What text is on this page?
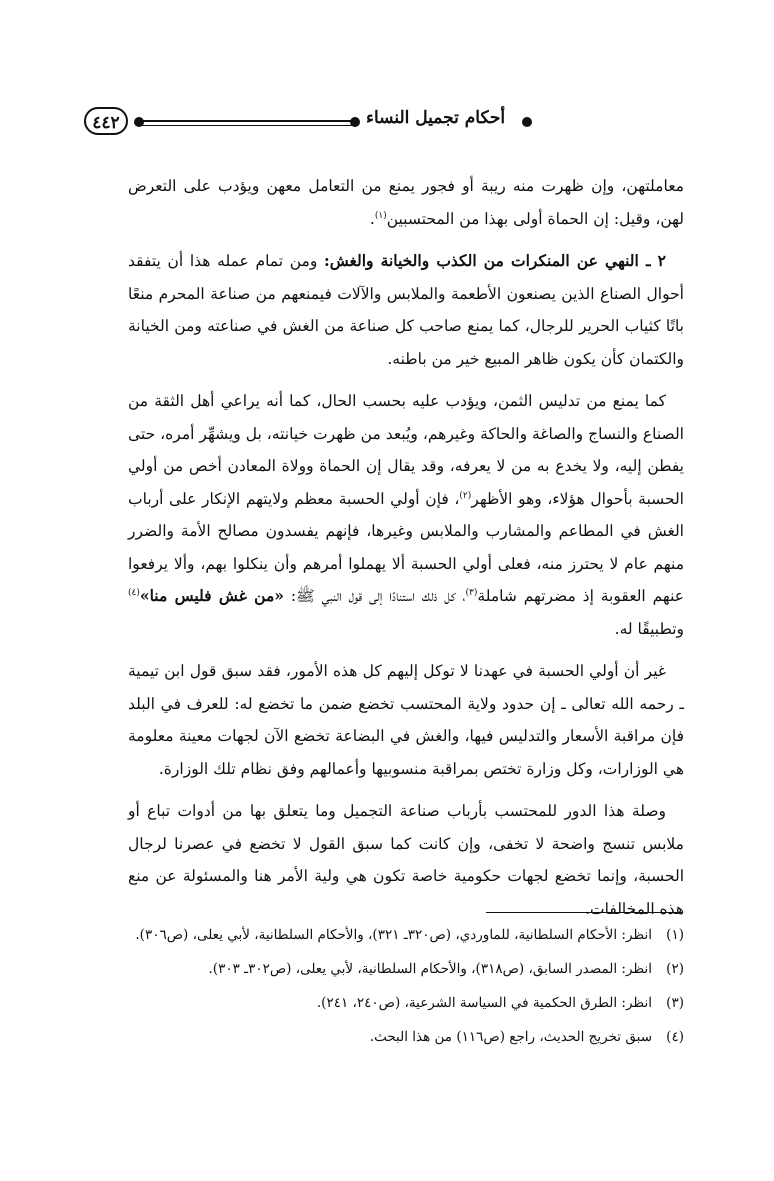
٤٤٢	أحكام تجميل النساء

معاملتهن، وإن ظهرت منه ريبة أو فجور يمنع من التعامل معهن ويؤدب على التعرض لهن، وقيل: إن الحماة أولى بهذا من المحتسبين$^{(١)}$.

٢ ـ النهي عن المنكرات من الكذب والخيانة والغش: ومن تمام عمله هذا أن يتفقد أحوال الصناع الذين يصنعون الأطعمة والملابس والآلات فيمنعهم من صناعة المحرم منعًا باتًا كثياب الحرير للرجال، كما يمنع صاحب كل صناعة من الغش في صناعته ومن الخيانة والكتمان كأن يكون ظاهر المبيع خير من باطنه.

كما يمنع من تدليس الثمن، ويؤدب عليه بحسب الحال، كما أنه يراعي أهل الثقة من الصناع والنساج والصاغة والحاكة وغيرهم، ويُبعد من ظهرت خيانته، بل ويشهِّر أمره، حتى يفطن إليه، ولا يخدع به من لا يعرفه، وقد يقال إن الحماة وولاة المعادن أخص من أولي الحسبة بأحوال هؤلاء، وهو الأظهر$^{(٢)}$، فإن أولي الحسبة معظم ولايتهم الإنكار على أرباب الغش في المطاعم والمشارب والملابس وغيرها، فإنهم يفسدون مصالح الأمة والضرر منهم عام لا يحترز منه، فعلى أولي الحسبة ألا يهملوا أمرهم وأن ينكلوا بهم، وألا يرفعوا عنهم العقوبة إذ مضرتهم شاملة$^{(٣)}$، كل ذلك استنادًا إلى قول النبي ﷺ: «من غش فليس منا»$^{(٤)}$ وتطبيقًا له.

غير أن أولي الحسبة في عهدنا لا توكل إليهم كل هذه الأمور، فقد سبق قول ابن تيمية ـ رحمه الله تعالى ـ إن حدود ولاية المحتسب تخضع ضمن ما تخضع له: للعرف في البلد فإن مراقبة الأسعار والتدليس فيها، والغش في البضاعة تخضع الآن لجهات معينة معلومة هي الوزارات، وكل وزارة تختص بمراقبة منسوبيها وأعمالهم وفق نظام تلك الوزارة.

وصلة هذا الدور للمحتسب بأرباب صناعة التجميل وما يتعلق بها من أدوات تباع أو ملابس تنسج واضحة لا تخفى، وإن كانت كما سبق القول لا تخضع في عصرنا لرجال الحسبة، وإنما تخضع لجهات حكومية خاصة تكون هي ولية الأمر هنا والمسئولة عن منع هذه المخالفات.

(١)
انظر: الأحكام السلطانية، للماوردي، (ص٣٢٠ـ ٣٢١)، والأحكام السلطانية، لأبي يعلى، (ص٣٠٦).
(٢)
انظر: المصدر السابق، (ص٣١٨)، والأحكام السلطانية، لأبي يعلى، (ص٣٠٢ـ ٣٠٣).
(٣)
انظر: الطرق الحكمية في السياسة الشرعية، (ص٢٤٠، ٢٤١).
(٤)
سبق تخريج الحديث، راجع (ص١١٦) من هذا البحث.
